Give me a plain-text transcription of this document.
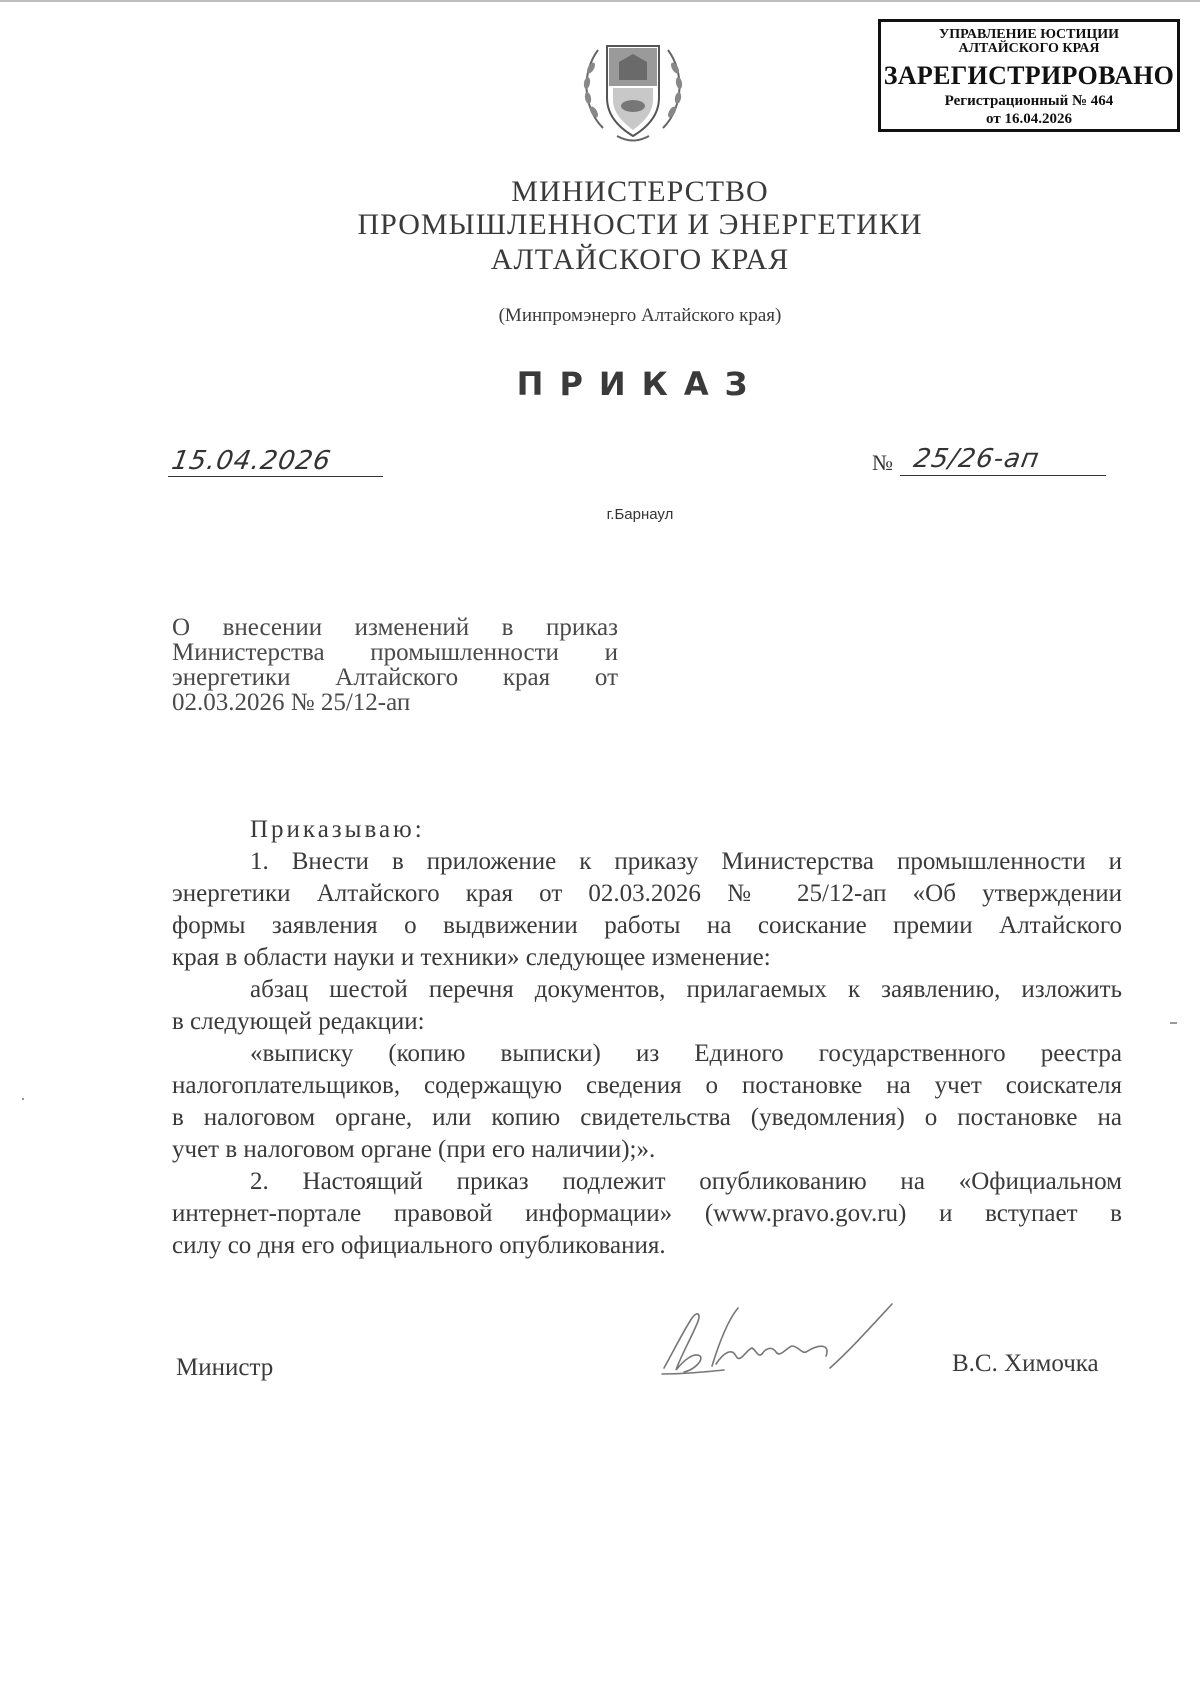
УПРАВЛЕНИЕ ЮСТИЦИИ
АЛТАЙСКОГО КРАЯ
ЗАРЕГИСТРИРОВАНО
Регистрационный № 464
от 16.04.2026
МИНИСТЕРСТВО
ПРОМЫШЛЕННОСТИ И ЭНЕРГЕТИКИ
АЛТАЙСКОГО КРАЯ
(Минпромэнерго Алтайского края)
ПРИКАЗ
15.04.2026	№ 25/26-ап
г.Барнаул
О внесении изменений в приказ
Министерства промышленности и
энергетики Алтайского края от
02.03.2026 № 25/12-ап
Приказываю:
1. Внести в приложение к приказу Министерства промышленности и
энергетики Алтайского края от 02.03.2026 № 25/12-ап «Об утверждении
формы заявления о выдвижении работы на соискание премии Алтайского
края в области науки и техники» следующее изменение:
абзац шестой перечня документов, прилагаемых к заявлению, изложить
в следующей редакции:
«выписку (копию выписки) из Единого государственного реестра
налогоплательщиков, содержащую сведения о постановке на учет соискателя
в налоговом органе, или копию свидетельства (уведомления) о постановке на
учет в налоговом органе (при его наличии);».
2. Настоящий приказ подлежит опубликованию на «Официальном
интернет-портале правовой информации» (www.pravo.gov.ru) и вступает в
силу со дня его официального опубликования.
Министр	В.С. Химочка
